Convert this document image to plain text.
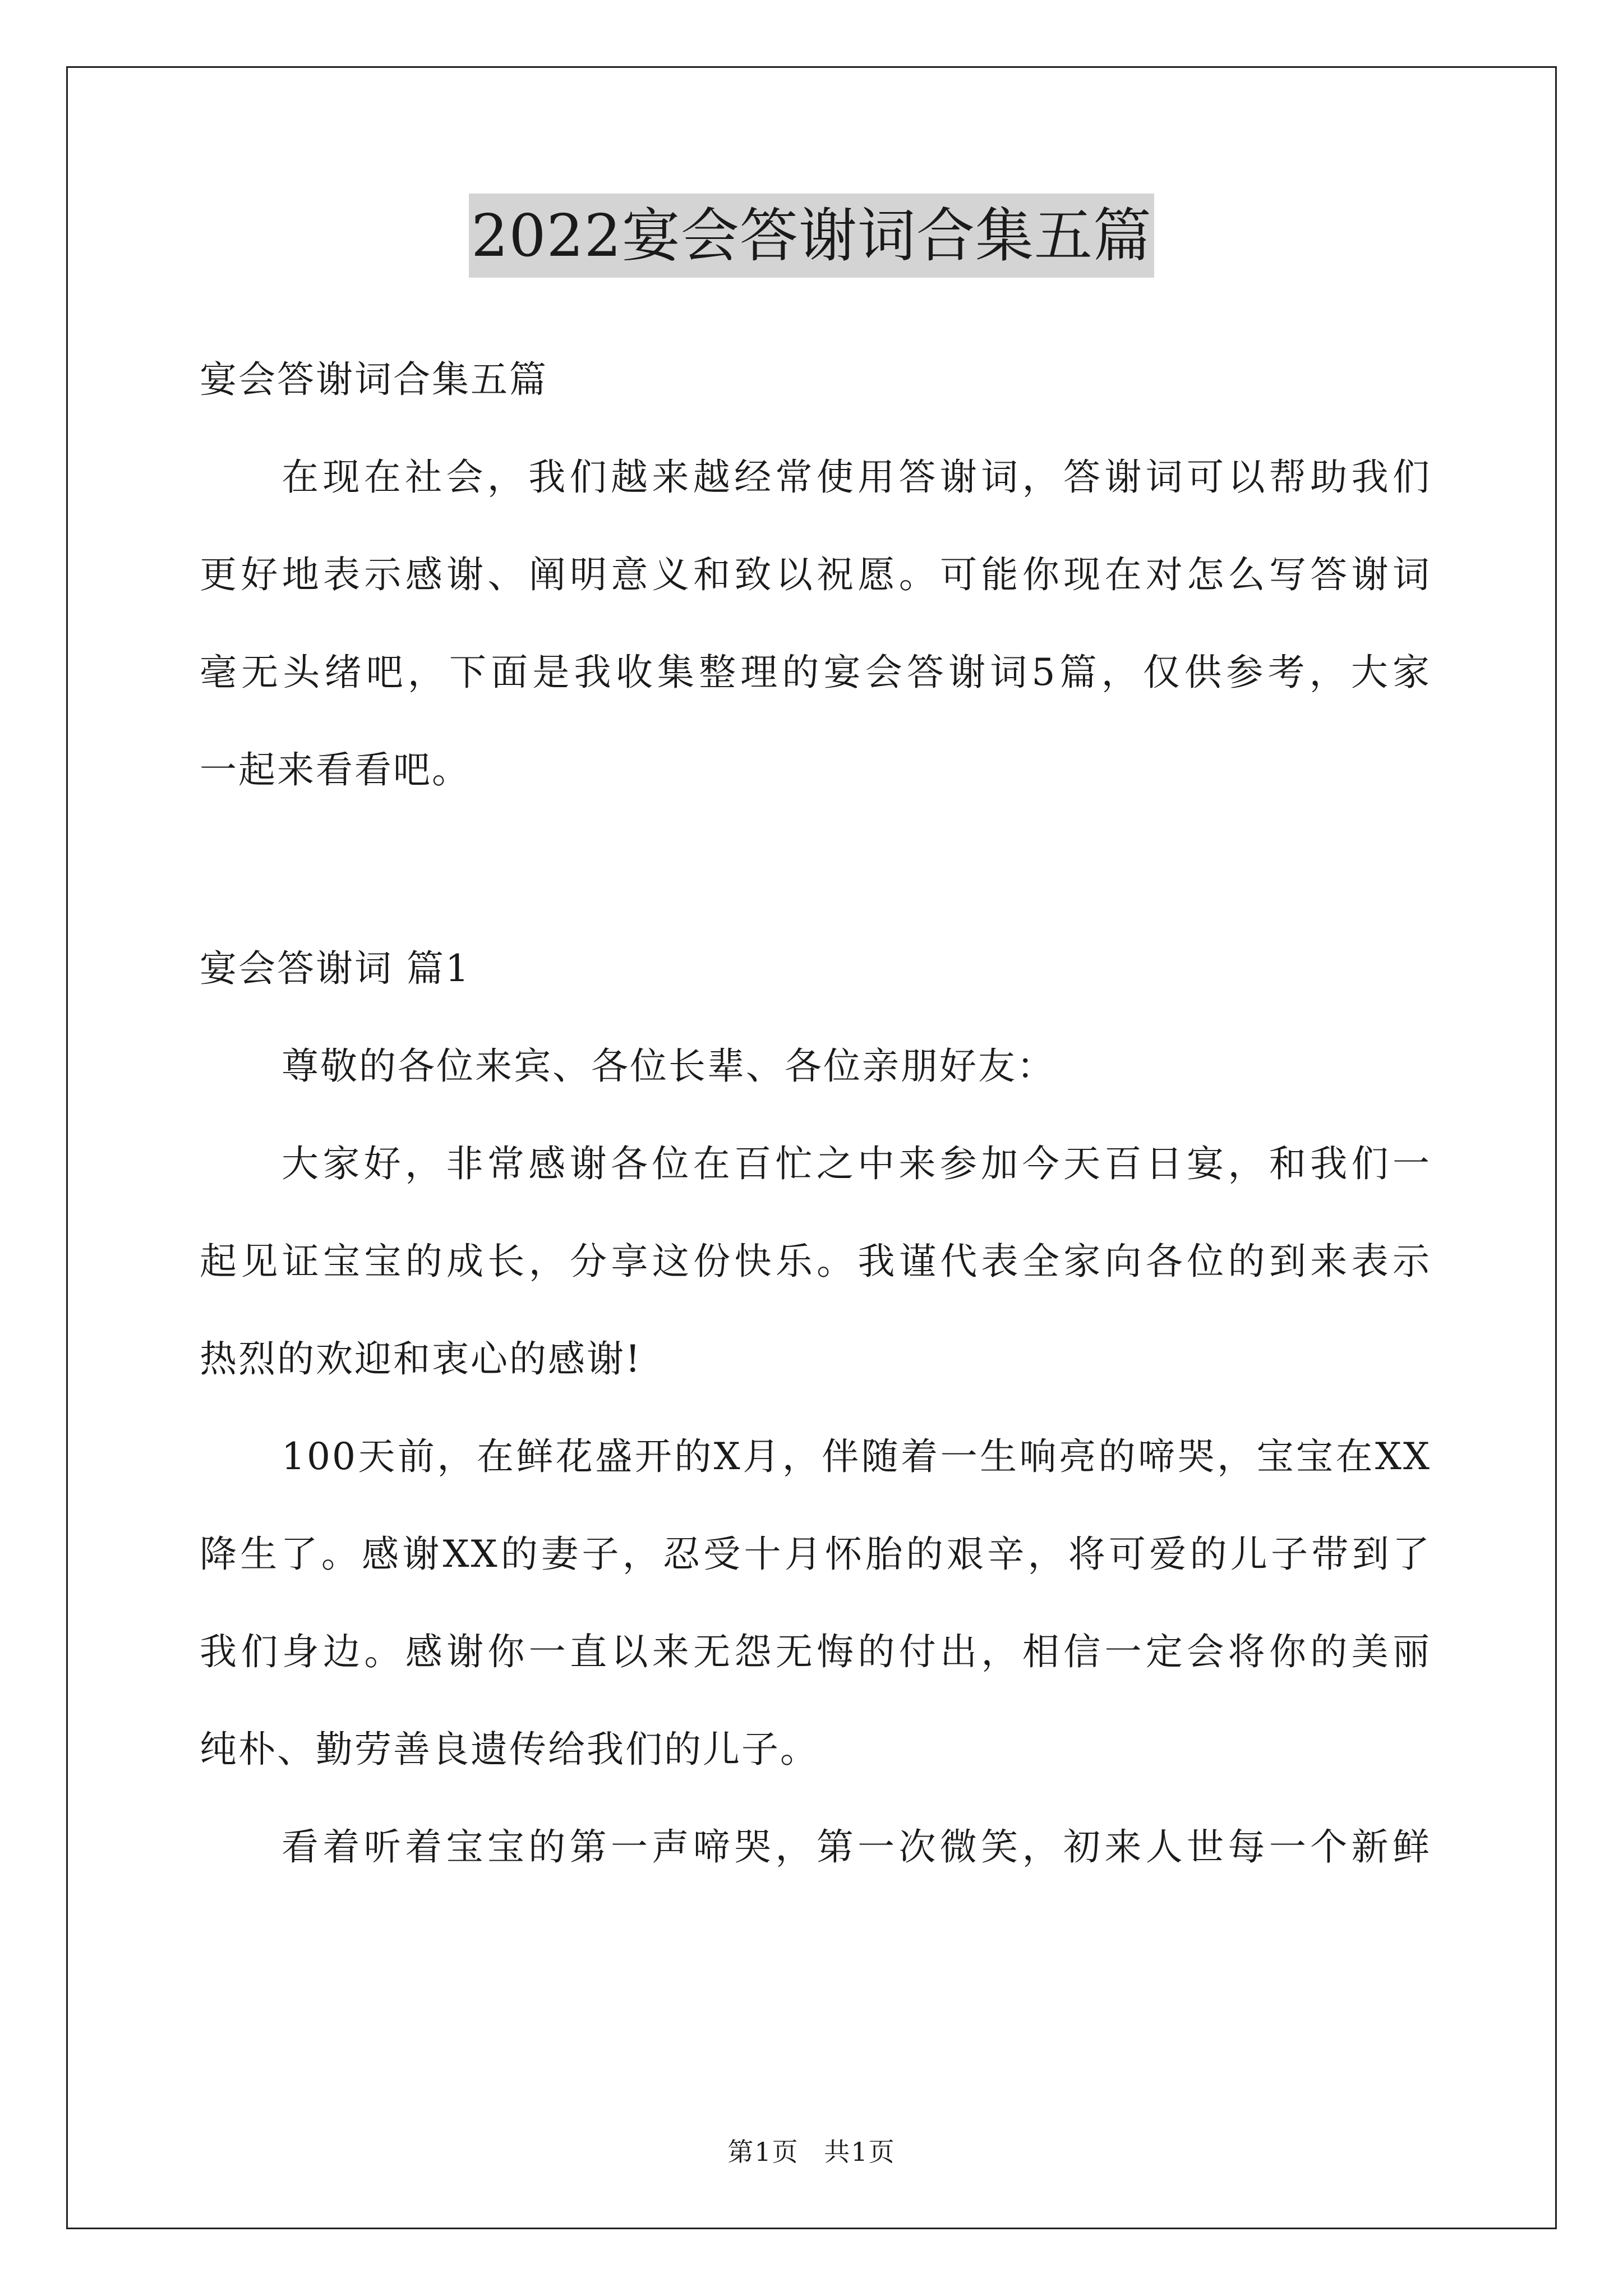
2022宴会答谢词合集五篇

宴会答谢词合集五篇

在现在社会，我们越来越经常使用答谢词，答谢词可以帮助我们

更好地表示感谢、阐明意义和致以祝愿。可能你现在对怎么写答谢词

毫无头绪吧，下面是我收集整理的宴会答谢词5篇，仅供参考，大家

一起来看看吧。

宴会答谢词 篇1

尊敬的各位来宾、各位长辈、各位亲朋好友：

大家好，非常感谢各位在百忙之中来参加今天百日宴，和我们一

起见证宝宝的成长，分享这份快乐。我谨代表全家向各位的到来表示

热烈的欢迎和衷心的感谢!

100天前，在鲜花盛开的X月，伴随着一生响亮的啼哭，宝宝在XX

降生了。感谢XX的妻子，忍受十月怀胎的艰辛，将可爱的儿子带到了

我们身边。感谢你一直以来无怨无悔的付出，相信一定会将你的美丽

纯朴、勤劳善良遗传给我们的儿子。

看着听着宝宝的第一声啼哭，第一次微笑，初来人世每一个新鲜

第1页 共1页
